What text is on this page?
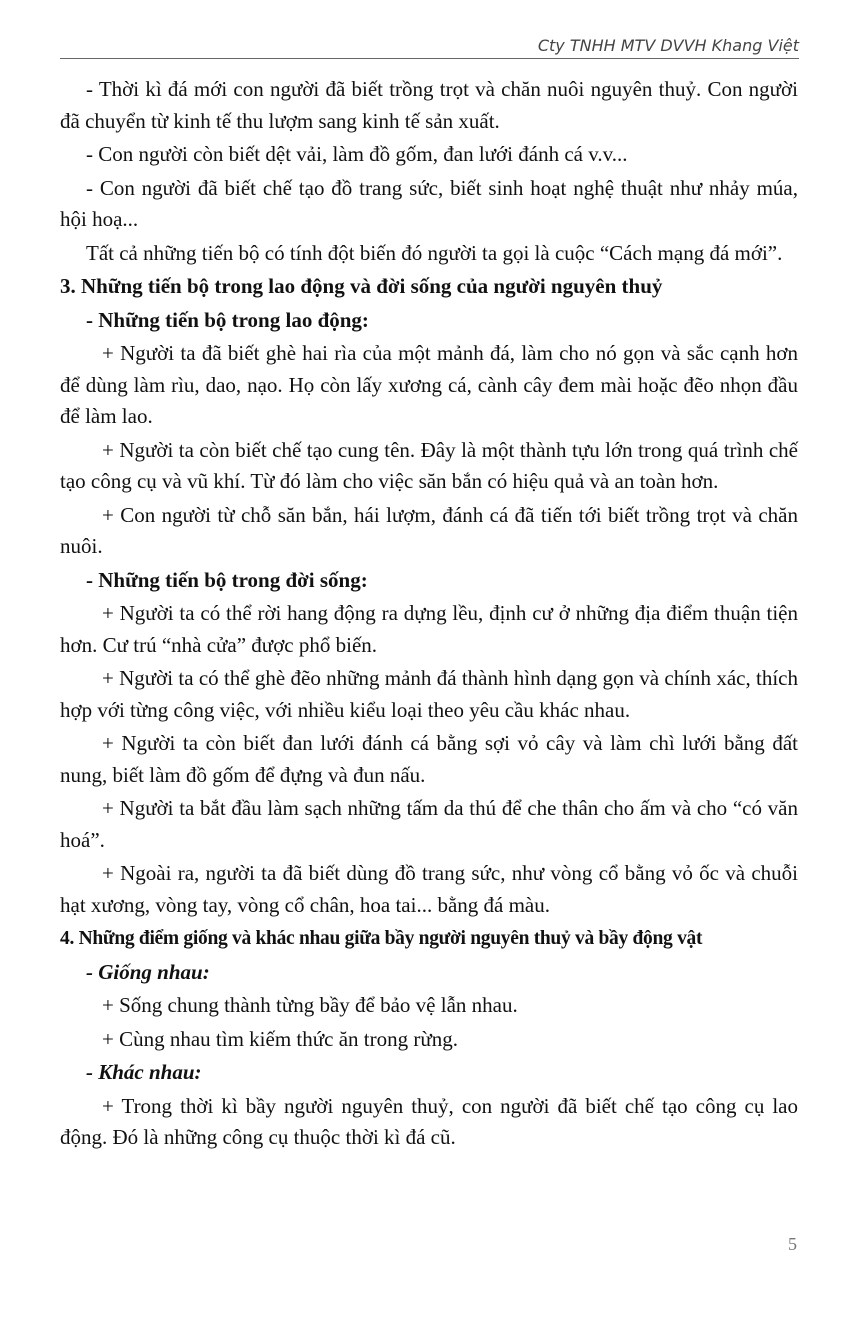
Cty TNHH MTV DVVH Khang Việt

- Thời kì đá mới con người đã biết trồng trọt và chăn nuôi nguyên thuỷ. Con người đã chuyển từ kinh tế thu lượm sang kinh tế sản xuất.

- Con người còn biết dệt vải, làm đồ gốm, đan lưới đánh cá v.v...

- Con người đã biết chế tạo đồ trang sức, biết sinh hoạt nghệ thuật như nhảy múa, hội hoạ...

Tất cả những tiến bộ có tính đột biến đó người ta gọi là cuộc “Cách mạng đá mới”.

3. Những tiến bộ trong lao động và đời sống của người nguyên thuỷ

- Những tiến bộ trong lao động:

+ Người ta đã biết ghè hai rìa của một mảnh đá, làm cho nó gọn và sắc cạnh hơn để dùng làm rìu, dao, nạo. Họ còn lấy xương cá, cành cây đem mài hoặc đẽo nhọn đầu để làm lao.

+ Người ta còn biết chế tạo cung tên. Đây là một thành tựu lớn trong quá trình chế tạo công cụ và vũ khí. Từ đó làm cho việc săn bắn có hiệu quả và an toàn hơn.

+ Con người từ chỗ săn bắn, hái lượm, đánh cá đã tiến tới biết trồng trọt và chăn nuôi.

- Những tiến bộ trong đời sống:

+ Người ta có thể rời hang động ra dựng lều, định cư ở những địa điểm thuận tiện hơn. Cư trú “nhà cửa” được phổ biến.

+ Người ta có thể ghè đẽo những mảnh đá thành hình dạng gọn và chính xác, thích hợp với từng công việc, với nhiều kiểu loại theo yêu cầu khác nhau.

+ Người ta còn biết đan lưới đánh cá bằng sợi vỏ cây và làm chì lưới bằng đất nung, biết làm đồ gốm để đựng và đun nấu.

+ Người ta bắt đầu làm sạch những tấm da thú để che thân cho ấm và cho “có văn hoá”.

+ Ngoài ra, người ta đã biết dùng đồ trang sức, như vòng cổ bằng vỏ ốc và chuỗi hạt xương, vòng tay, vòng cổ chân, hoa tai... bằng đá màu.

4. Những điểm giống và khác nhau giữa bầy người nguyên thuỷ và bầy động vật

- Giống nhau:

+ Sống chung thành từng bầy để bảo vệ lẫn nhau.

+ Cùng nhau tìm kiếm thức ăn trong rừng.

- Khác nhau:

+ Trong thời kì bầy người nguyên thuỷ, con người đã biết chế tạo công cụ lao động. Đó là những công cụ thuộc thời kì đá cũ.

5
